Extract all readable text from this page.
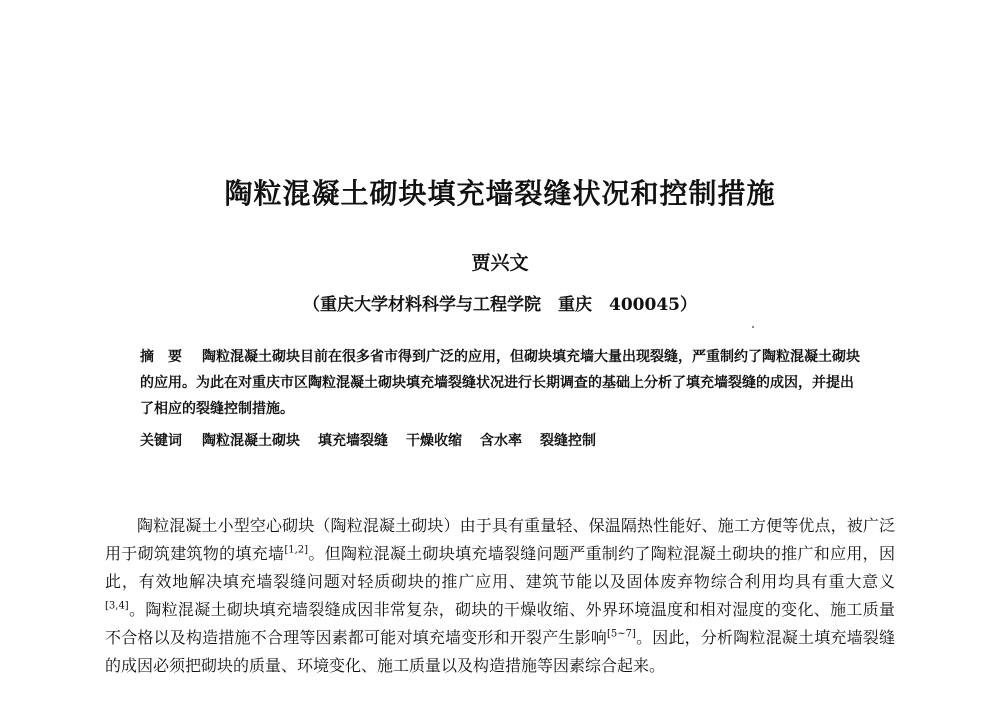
陶粒混凝土砌块填充墙裂缝状况和控制措施
贾兴文
（重庆大学材料科学与工程学院　重庆　400045）
摘要 陶粒混凝土砌块目前在很多省市得到广泛的应用，但砌块填充墙大量出现裂缝，严重制约了陶粒混凝土砌块的应用。为此在对重庆市区陶粒混凝土砌块填充墙裂缝状况进行长期调查的基础上分析了填充墙裂缝的成因，并提出了相应的裂缝控制措施。
关键词 陶粒混凝土砌块 填充墙裂缝 干燥收缩 含水率 裂缝控制
陶粒混凝土小型空心砌块（陶粒混凝土砌块）由于具有重量轻、保温隔热性能好、施工方便等优点，被广泛用于砌筑建筑物的填充墙[1,2]。但陶粒混凝土砌块填充墙裂缝问题严重制约了陶粒混凝土砌块的推广和应用，因此，有效地解决填充墙裂缝问题对轻质砌块的推广应用、建筑节能以及固体废弃物综合利用均具有重大意义[3,4]。陶粒混凝土砌块填充墙裂缝成因非常复杂，砌块的干燥收缩、外界环境温度和相对湿度的变化、施工质量不合格以及构造措施不合理等因素都可能对填充墙变形和开裂产生影响[5~7]。因此，分析陶粒混凝土填充墙裂缝的成因必须把砌块的质量、环境变化、施工质量以及构造措施等因素综合起来。
